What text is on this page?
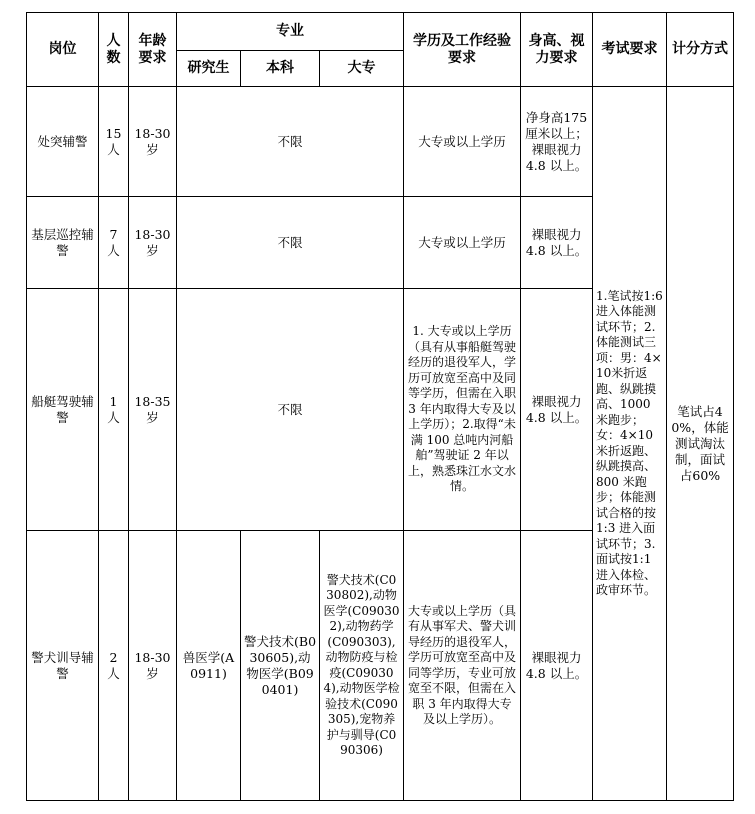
岗位	人数	年龄要求	专业			学历及工作经验要求	身高、视力要求	考试要求	计分方式
			研究生	本科	大专				
处突辅警	15人	18-30岁	不限			大专或以上学历	净身高175 厘米以上；裸眼视力 4.8 以上。	1.笔试按1:6 进入体能测试环节；2.体能测试三项：男：4×10米折返跑、纵跳摸高、1000 米跑步；女：4×10米折返跑、纵跳摸高、800 米跑步；体能测试合格的按1:3 进入面试环节；3.面试按1:1 进入体检、政审环节。	笔试占40%，体能测试淘汰制，面试占60%
基层巡控辅警	7 人	18-30岁	不限			大专或以上学历	裸眼视力 4.8 以上。		
船艇驾驶辅警	1 人	18-35岁	不限			1. 大专或以上学历（具有从事船艇驾驶经历的退役军人，学历可放宽至高中及同等学历，但需在入职 3 年内取得大专及以上学历）；2.取得“未满 100 总吨内河船舶”驾驶证 2 年以上，熟悉珠江水文水情。	裸眼视力 4.8 以上。		
警犬训导辅警	2 人	18-30岁	兽医学(A0911)	警犬技术(B030605),动物医学(B090401)	警犬技术(C030802),动物医学(C090302),动物药学(C090303),动物防疫与检疫(C090304),动物医学检验技术(C090305),宠物养护与驯导(C090306)	大专或以上学历（具有从事军犬、警犬训导经历的退役军人，学历可放宽至高中及同等学历，专业可放宽至不限，但需在入职 3 年内取得大专及以上学历）。	裸眼视力 4.8 以上。		
